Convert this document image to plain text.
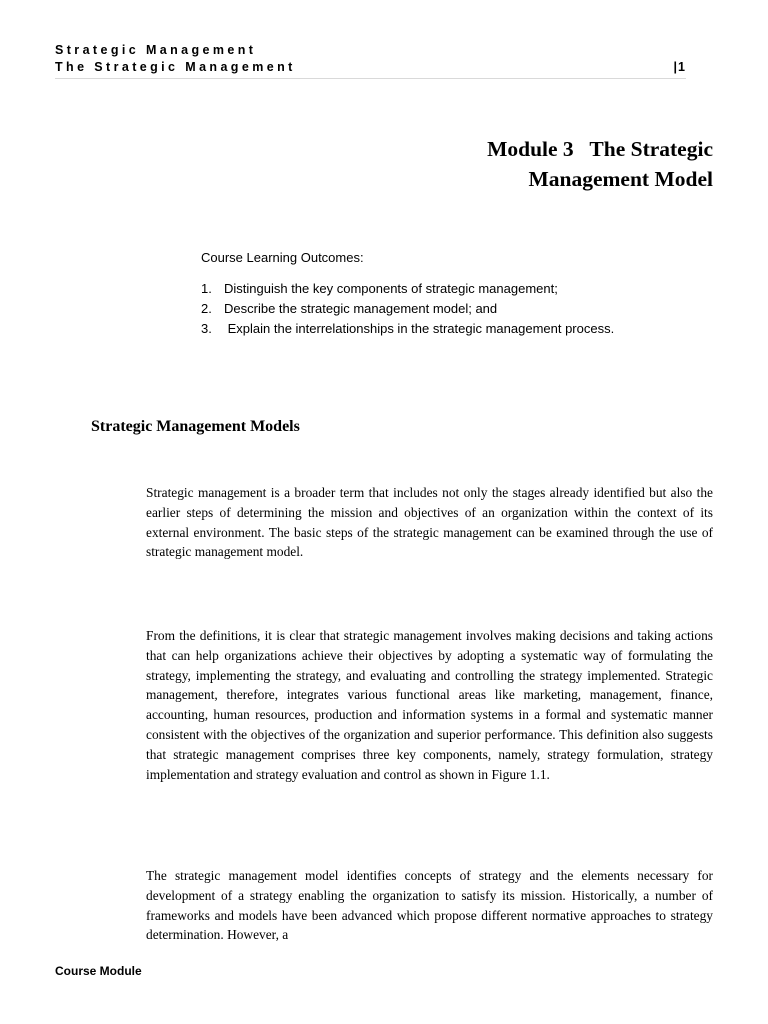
Strategic Management
The Strategic Management	|1
Module 3   The Strategic
Management Model
Course Learning Outcomes:
1. Distinguish the key components of strategic management;
2. Describe the strategic management model; and
3. Explain the interrelationships in the strategic management process.
Strategic Management Models

Strategic management is a broader term that includes not only the stages already identified but also the earlier steps of determining the mission and objectives of an organization within the context of its external environment. The basic steps of the strategic management can be examined through the use of strategic management model.

From the definitions, it is clear that strategic management involves making decisions and taking actions that can help organizations achieve their objectives by adopting a systematic way of formulating the strategy, implementing the strategy, and evaluating and controlling the strategy implemented. Strategic management, therefore, integrates various functional areas like marketing, management, finance, accounting, human resources, production and information systems in a formal and systematic manner consistent with the objectives of the organization and superior performance. This definition also suggests that strategic management comprises three key components, namely, strategy formulation, strategy implementation and strategy evaluation and control as shown in Figure 1.1.

The strategic management model identifies concepts of strategy and the elements necessary for development of a strategy enabling the organization to satisfy its mission. Historically, a number of frameworks and models have been advanced which propose different normative approaches to strategy determination. However, a

Course Module
